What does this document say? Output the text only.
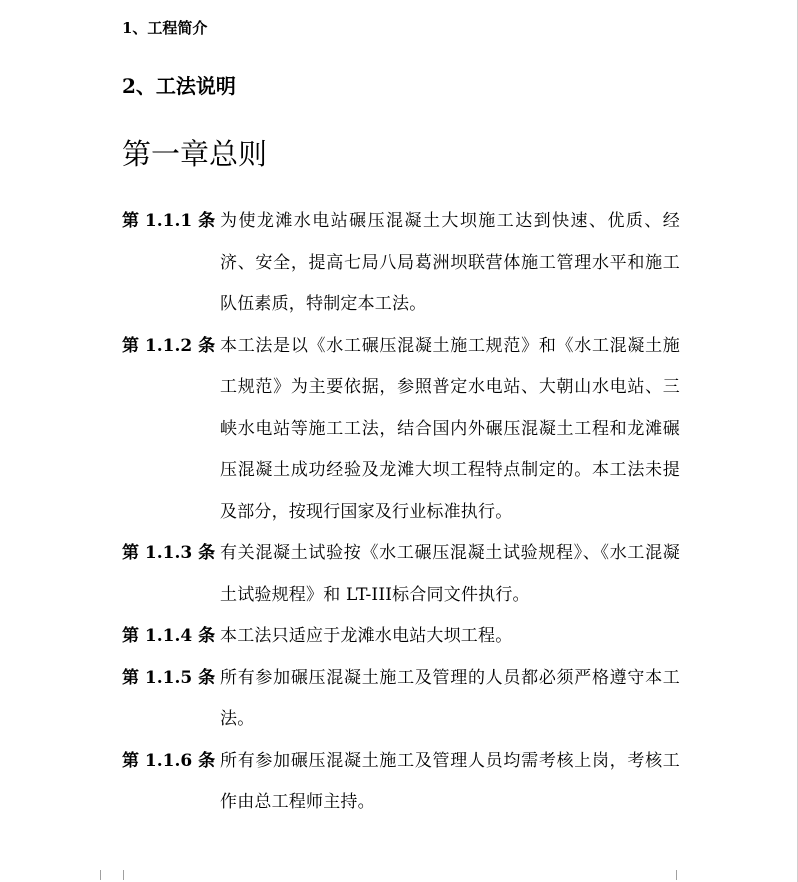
1、工程简介
2、工法说明
第一章总则
第 1.1.1 条 为使龙滩水电站碾压混凝土大坝施工达到快速、优质、经济、安全，提高七局八局葛洲坝联营体施工管理水平和施工队伍素质，特制定本工法。
第 1.1.2 条 本工法是以《水工碾压混凝土施工规范》和《水工混凝土施工规范》为主要依据，参照普定水电站、大朝山水电站、三峡水电站等施工工法，结合国内外碾压混凝土工程和龙滩碾压混凝土成功经验及龙滩大坝工程特点制定的。本工法未提及部分，按现行国家及行业标准执行。
第 1.1.3 条 有关混凝土试验按《水工碾压混凝土试验规程》、《水工混凝土试验规程》和 LT-III标合同文件执行。
第 1.1.4 条 本工法只适应于龙滩水电站大坝工程。
第 1.1.5 条 所有参加碾压混凝土施工及管理的人员都必须严格遵守本工法。
第 1.1.6 条 所有参加碾压混凝土施工及管理人员均需考核上岗，考核工作由总工程师主持。
